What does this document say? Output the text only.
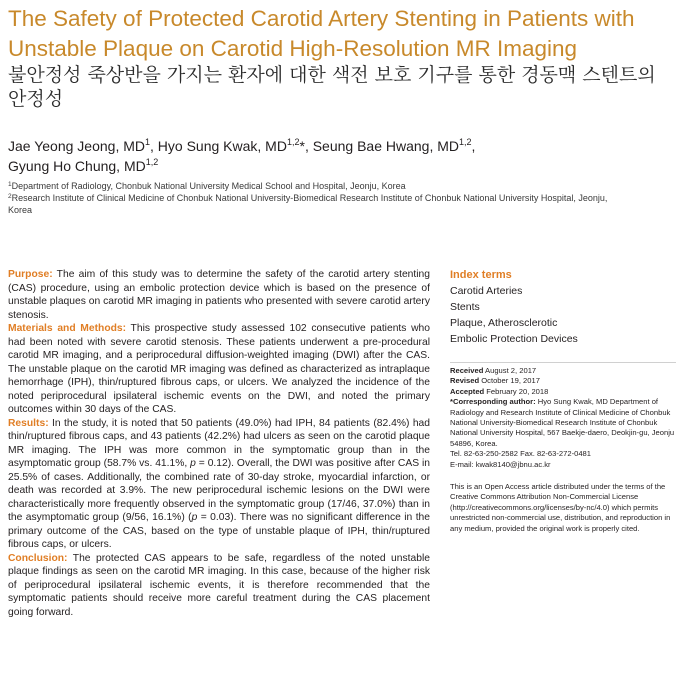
The Safety of Protected Carotid Artery Stenting in Patients with Unstable Plaque on Carotid High-Resolution MR Imaging
불안정성 죽상반을 가지는 환자에 대한 색전 보호 기구를 통한 경동맥 스텐트의 안정성
Jae Yeong Jeong, $MD^1$, Hyo Sung Kwak, MD$^{1,2}$*, Seung Bae Hwang, MD$^{1,2}$,
Gyung Ho Chung, MD$^{1,2}$
$^1$Department of Radiology, Chonbuk National University Medical School and Hospital, Jeonju, Korea
$^2$Research Institute of Clinical Medicine of Chonbuk National University-Biomedical Research Institute of Chonbuk National University Hospital, Jeonju, Korea

Purpose: The aim of this study was to determine the safety of the carotid artery stenting (CAS) procedure, using an embolic protection device which is based on the presence of unstable plaques on carotid MR imaging in patients who presented with severe carotid artery stenosis.

Materials and Methods: This prospective study assessed 102 consecutive patients who had been noted with severe carotid stenosis. These patients underwent a pre-procedural carotid MR imaging, and a periprocedural diffusion-weighted imaging (DWI) after the CAS. The unstable plaque on the carotid MR imaging was defined as characterized as intraplaque hemorrhage (IPH), thin/ruptured fibrous caps, or ulcers. We analyzed the incidence of the noted periprocedural ipsilateral ischemic events on the DWI, and noted the primary outcomes within 30 days of the CAS.

Results: In the study, it is noted that 50 patients (49.0%) had IPH, 84 patients (82.4%) had thin/ruptured fibrous caps, and 43 patients (42.2%) had ulcers as seen on the carotid plaque MR imaging. The IPH was more common in the symptomatic group than in the asymptomatic group (58.7% vs. 41.1%, p = 0.12). Overall, the DWI was positive after CAS in 25.5% of cases. Additionally, the combined rate of 30-day stroke, myocardial infarction, or death was recorded at 3.9%. The new periprocedural ischemic lesions on the DWI were characteristically more frequently observed in the symptomatic group (17/46, 37.0%) than in the asymptomatic group (9/56, 16.1%) (p = 0.03). There was no significant difference in the primary outcome of the CAS, based on the type of unstable plaque of IPH, thin/ruptured fibrous caps, or ulcers.

Conclusion: The protected CAS appears to be safe, regardless of the noted unstable plaque findings as seen on the carotid MR imaging. In this case, because of the higher risk of periprocedural ipsilateral ischemic events, it is therefore recommended that the symptomatic patients should receive more careful treatment during the CAS placement going forward.

Index terms
Carotid Arteries
Stents
Plaque, Atherosclerotic
Embolic Protection Devices
Received August 2, 2017
Revised October 19, 2017
Accepted February 20, 2018
*Corresponding author: Hyo Sung Kwak, MD Department of Radiology and Research Institute of Clinical Medicine of Chonbuk National University-Biomedical Research Institute of Chonbuk National University Hospital, 567 Baekje-daero, Deokjin-gu, Jeonju 54896, Korea.
Tel. 82-63-250-2582 Fax. 82-63-272-0481
E-mail: kwak8140@jbnu.ac.kr
This is an Open Access article distributed under the terms of the Creative Commons Attribution Non-Commercial License (http://creativecommons.org/licenses/by-nc/4.0) which permits unrestricted non-commercial use, distribution, and reproduction in any medium, provided the original work is properly cited.
